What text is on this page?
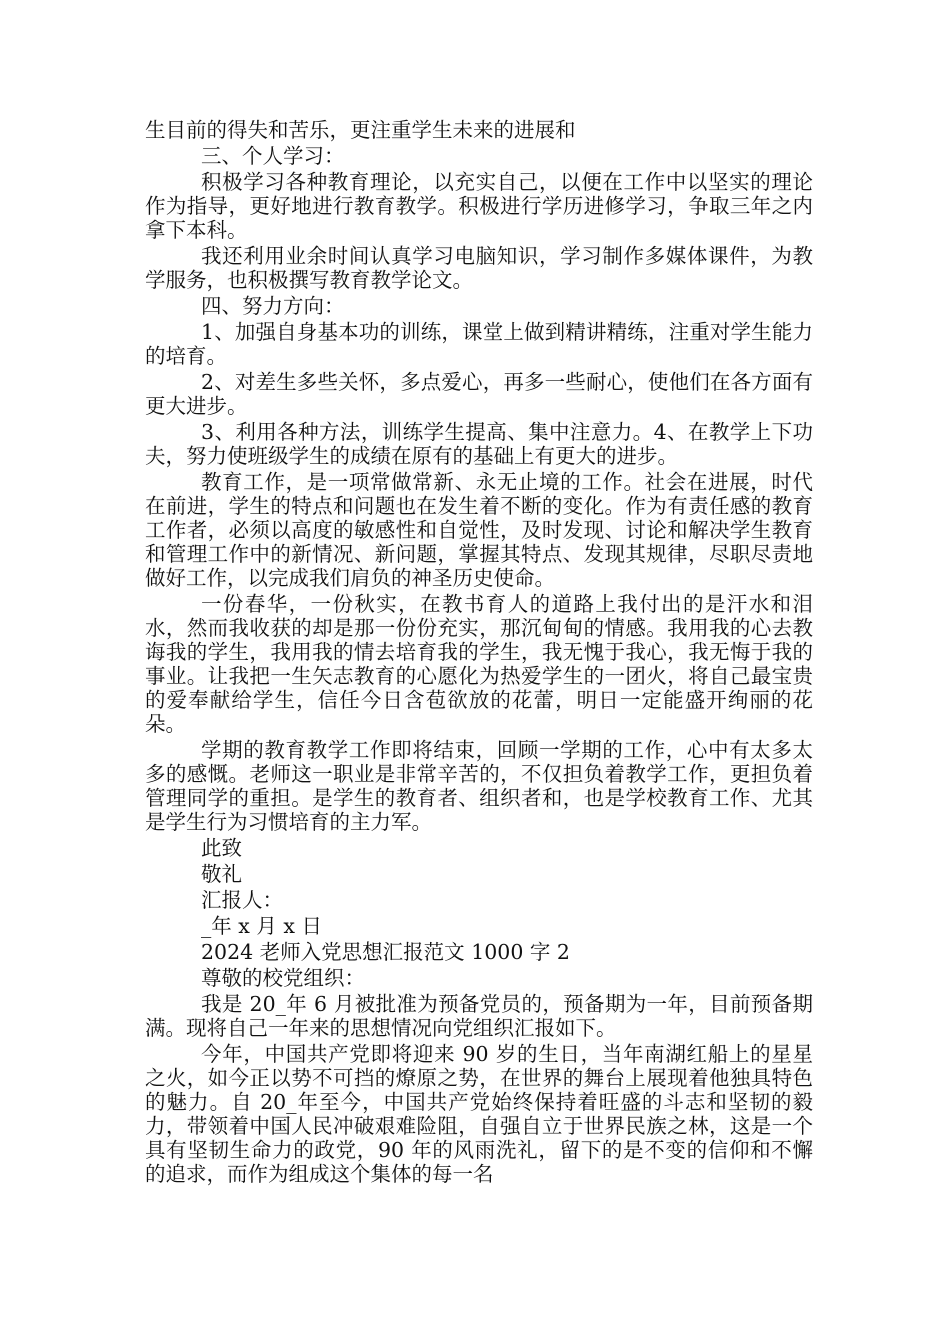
生目前的得失和苦乐，更注重学生未来的进展和

三、个人学习：

积极学习各种教育理论，以充实自己，以便在工作中以坚实的理论作为指导，更好地进行教育教学。积极进行学历进修学习，争取三年之内拿下本科。

我还利用业余时间认真学习电脑知识，学习制作多媒体课件，为教学服务，也积极撰写教育教学论文。

四、努力方向：

1、加强自身基本功的训练，课堂上做到精讲精练，注重对学生能力的培育。

2、对差生多些关怀，多点爱心，再多一些耐心，使他们在各方面有更大进步。

3、利用各种方法，训练学生提高、集中注意力。4、在教学上下功夫，努力使班级学生的成绩在原有的基础上有更大的进步。

教育工作，是一项常做常新、永无止境的工作。社会在进展，时代在前进，学生的特点和问题也在发生着不断的变化。作为有责任感的教育工作者，必须以高度的敏感性和自觉性，及时发现、讨论和解决学生教育和管理工作中的新情况、新问题，掌握其特点、发现其规律，尽职尽责地做好工作，以完成我们肩负的神圣历史使命。

一份春华，一份秋实，在教书育人的道路上我付出的是汗水和泪水，然而我收获的却是那一份份充实，那沉甸甸的情感。我用我的心去教诲我的学生，我用我的情去培育我的学生，我无愧于我心，我无悔于我的事业。让我把一生矢志教育的心愿化为热爱学生的一团火，将自己最宝贵的爱奉献给学生，信任今日含苞欲放的花蕾，明日一定能盛开绚丽的花朵。

学期的教育教学工作即将结束，回顾一学期的工作，心中有太多太多的感慨。老师这一职业是非常辛苦的，不仅担负着教学工作，更担负着管理同学的重担。是学生的教育者、组织者和，也是学校教育工作、尤其是学生行为习惯培育的主力军。

此致

敬礼

汇报人：

_年 x 月 x 日

2024 老师入党思想汇报范文 1000 字 2

尊敬的校党组织：

我是 20_年 6 月被批准为预备党员的，预备期为一年，目前预备期满。现将自己一年来的思想情况向党组织汇报如下。

今年，中国共产党即将迎来 90 岁的生日，当年南湖红船上的星星之火，如今正以势不可挡的燎原之势，在世界的舞台上展现着他独具特色的魅力。自 20_年至今，中国共产党始终保持着旺盛的斗志和坚韧的毅力，带领着中国人民冲破艰难险阻，自强自立于世界民族之林，这是一个具有坚韧生命力的政党，90 年的风雨洗礼，留下的是不变的信仰和不懈的追求，而作为组成这个集体的每一名
